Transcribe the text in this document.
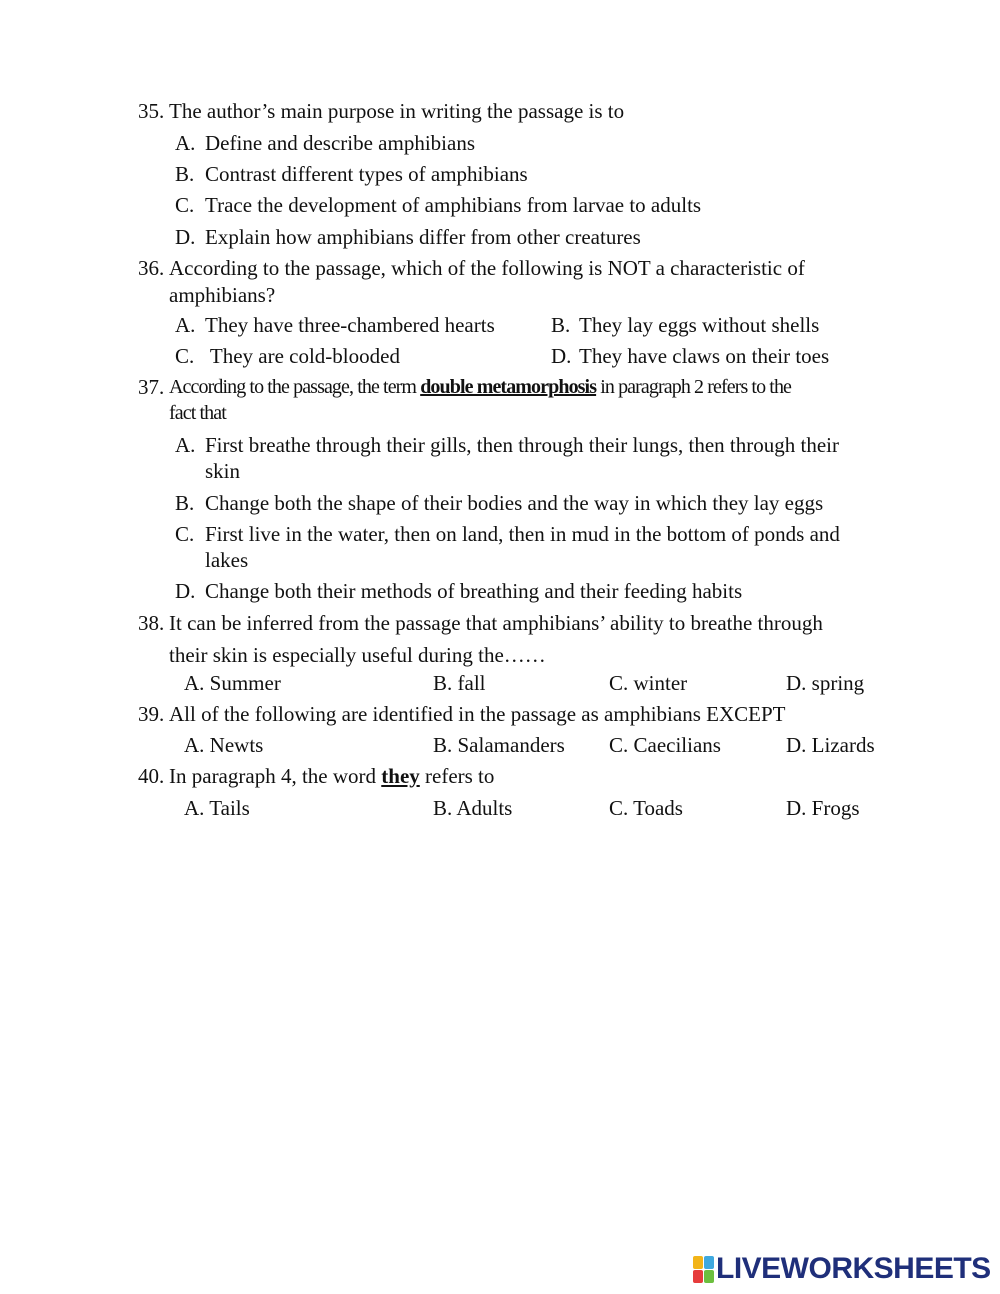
35. The author’s main purpose in writing the passage is to
A. Define and describe amphibians
B. Contrast different types of amphibians
C. Trace the development of amphibians from larvae to adults
D. Explain how amphibians differ from other creatures
36. According to the passage, which of the following is NOT a characteristic of
amphibians?
A. They have three-chambered hearts	B. They lay eggs without shells
C. They are cold-blooded	D. They have claws on their toes
37. According to the passage, the term double metamorphosis in paragraph 2 refers to the
fact that
A. First breathe through their gills, then through their lungs, then through their
skin
B. Change both the shape of their bodies and the way in which they lay eggs
C. First live in the water, then on land, then in mud in the bottom of ponds and
lakes
D. Change both their methods of breathing and their feeding habits
38. It can be inferred from the passage that amphibians’ ability to breathe through
their skin is especially useful during the……
A. Summer	B. fall	C. winter	D. spring
39. All of the following are identified in the passage as amphibians EXCEPT
A. Newts	B. Salamanders C. Caecilians	D. Lizards
40. In paragraph 4, the word they refers to
A. Tails	B. Adults	C. Toads	D. Frogs
LIVEWORKSHEETS
